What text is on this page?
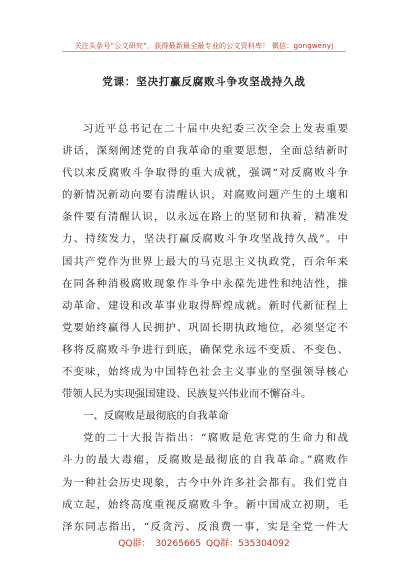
关注头条号“公文研究”，获得最新最全最专业的公文资料库！ 微信：gongwenyj
党课：坚决打赢反腐败斗争攻坚战持久战
习近平总书记在二十届中央纪委三次全会上发表重要
讲话，深刻阐述党的自我革命的重要思想，全面总结新时
代以来反腐败斗争取得的重大成就，强调“对反腐败斗争
的新情况新动向要有清醒认识，对腐败问题产生的土壤和
条件要有清醒认识，以永远在路上的坚韧和执着，精准发
力、持续发力，坚决打赢反腐败斗争攻坚战持久战”。中
国共产党作为世界上最大的马克思主义执政党，百余年来
在同各种消极腐败现象作斗争中永葆先进性和纯洁性，推
动革命、建设和改革事业取得辉煌成就。新时代新征程上
党要始终赢得人民拥护、巩固长期执政地位，必须坚定不
移将反腐败斗争进行到底，确保党永远不变质、不变色、
不变味，始终成为中国特色社会主义事业的坚强领导核心
带领人民为实现强国建设、民族复兴伟业而不懈奋斗。
一、反腐败是最彻底的自我革命
党的二十大报告指出：“腐败是危害党的生命力和战
斗力的最大毒瘤，反腐败是最彻底的自我革命。”腐败作
为一种社会历史现象，古今中外许多社会都有。我们党自
成立起，始终高度重视反腐败斗争。新中国成立初期，毛
泽东同志指出，“反贪污、反浪费一事，实是全党一件大
QQ群： 30265665 QQ群：535304092
